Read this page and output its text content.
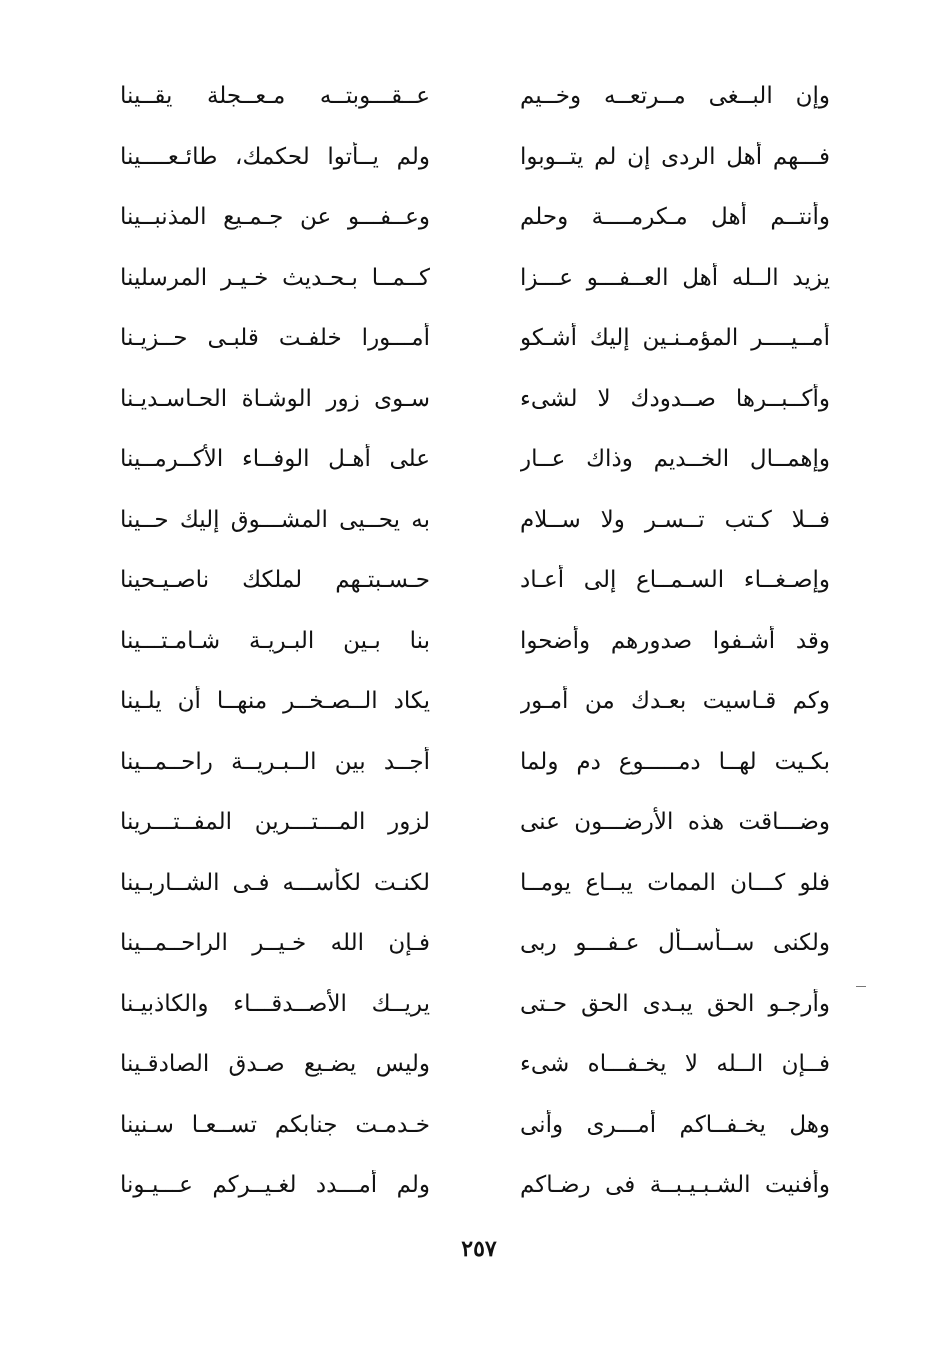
وإن البــغى مــرتعــه وخــيم
عــقـــوبتــه مـعــجلة يقــينا
فـــهم أهل الردى إن لم يتــوبوا
ولم يــأتوا لحكمك، طائـعــــينا
وأنتــم أهل مـكرمــــة وحلم
وعــفـــو عن جـمـيع المذنبــينا
يزيد الــله أهل العــفـــو عـــزا
كــمــا بـحـديث خـيـر المرسلينا
أمــيــــر المؤمـنـين إليك أشـكو
أمـــورا خلفـت قلبـى حــزيـنا
وأكــبــرها صــدودك لا لشىء
سـوى زور الوشـاة الحـاسـديـنا
وإهمــال الخــديم وذاك عــار
على أهـل الوفــاء الأكــرمــينا
فــلا كـتب تــسـر ولا ســلام
به يحــيى المشـــوق إليك حــينا
وإصـغــاء السـمــاع إلى أعـاد
حـسـبتـهم لملكك ناصـيـحينا
وقد أشـفوا صدورهم وأضحوا
بنا بـين البـريـة شـامـتـــينا
وكم قـاسيت بعـدك من أمـور
يكاد الــصـخــر منهــا أن يلـينا
بكـيت لهــا دمـــــوع دم ولما
أجــد بين الــبـريــة راحــمــينا
وضـــاقت هذه الأرضـــون عنى
لزور المـــتـــرين المفــتـــرينا
فلو كـــان الممات يبــاع يومــا
لكنـت لكأســـه فـى الشــاربـينا
ولكنى ســأســأل عـفـــو ربى
فـإن الله خـيــر الراحــمــينا
وأرجـو الحق يبـدى الحق حـتى
يريــك الأصــدقـــاء والكاذبيـنا
فــإن الــله لا يخـفـــاه شىء
وليس يضـيع صـدق الصادقـينا
وهل يخـفــاكم أمـــرى وأنى
خـدمـت جنابكم تســعـا سـنينا
وأفنيت الشـبـيـبــة فى رضـاكم
ولم أمـــدد لغـيــركم عـــيـونا
٢٥٧
